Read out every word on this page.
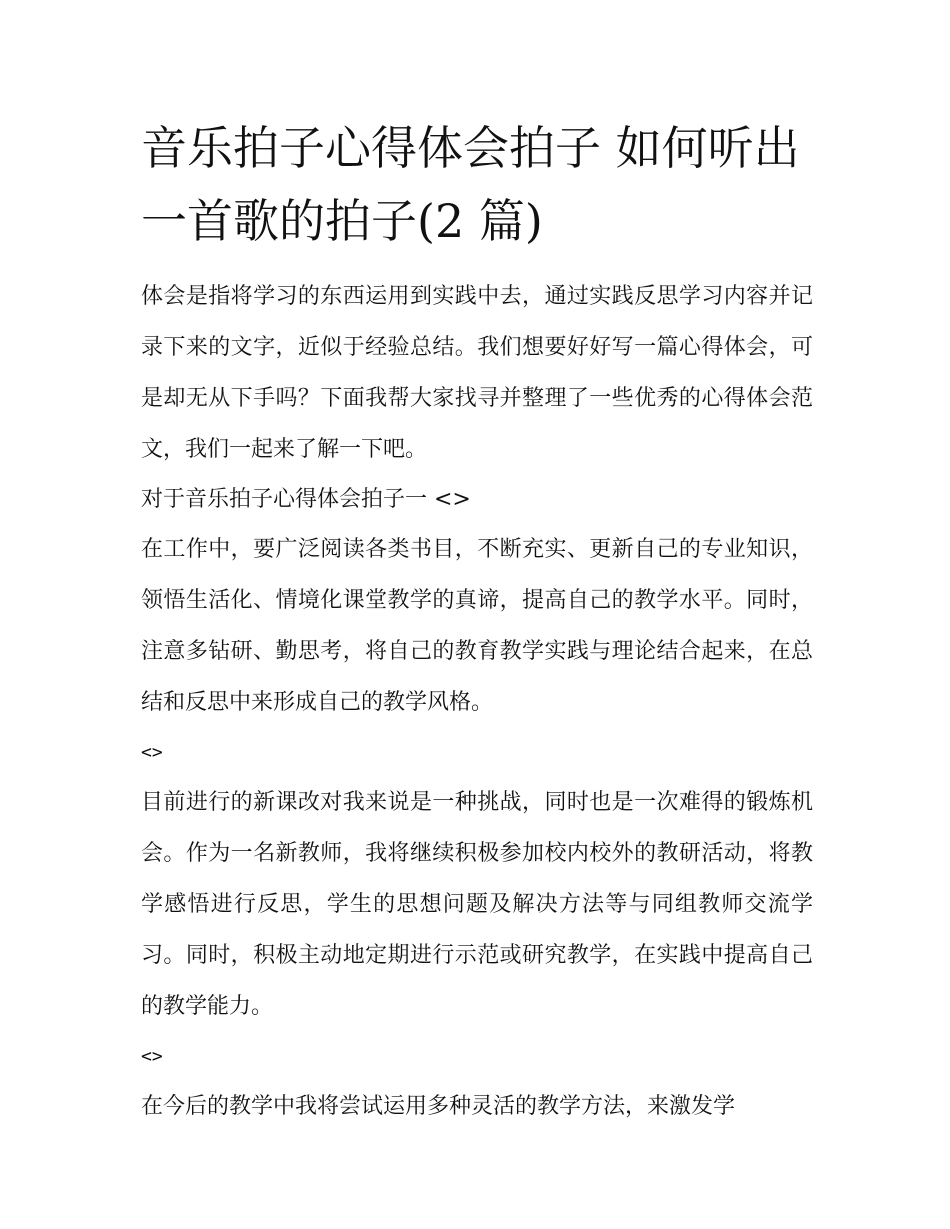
音乐拍子心得体会拍子 如何听出一首歌的拍子(2 篇)

体会是指将学习的东西运用到实践中去，通过实践反思学习内容并记录下来的文字，近似于经验总结。我们想要好好写一篇心得体会，可是却无从下手吗？下面我帮大家找寻并整理了一些优秀的心得体会范文，我们一起来了解一下吧。

对于音乐拍子心得体会拍子一 <>

在工作中，要广泛阅读各类书目，不断充实、更新自己的专业知识，领悟生活化、情境化课堂教学的真谛，提高自己的教学水平。同时，注意多钻研、勤思考，将自己的教育教学实践与理论结合起来，在总结和反思中来形成自己的教学风格。

<>

目前进行的新课改对我来说是一种挑战，同时也是一次难得的锻炼机会。作为一名新教师，我将继续积极参加校内校外的教研活动，将教学感悟进行反思，学生的思想问题及解决方法等与同组教师交流学习。同时，积极主动地定期进行示范或研究教学，在实践中提高自己的教学能力。

<>

在今后的教学中我将尝试运用多种灵活的教学方法，来激发学
